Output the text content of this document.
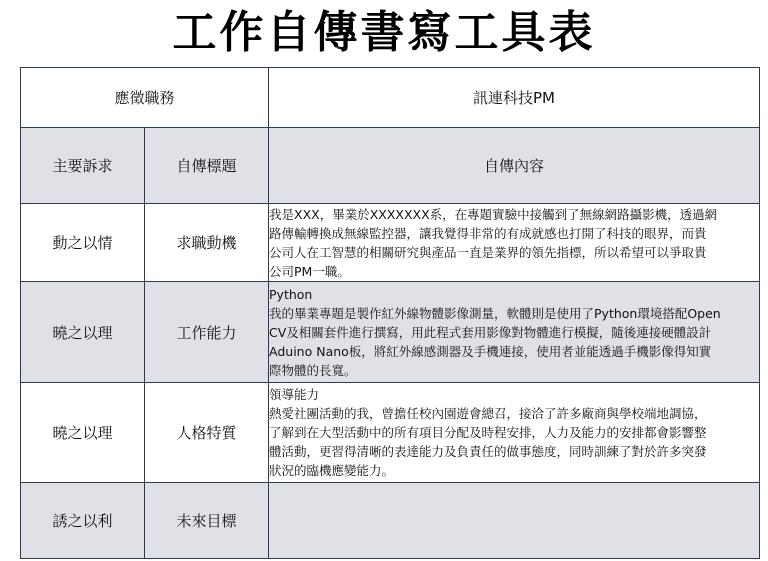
工作自傳書寫工具表
應徵職務		訊連科技PM
主要訴求	自傳標題	自傳內容
動之以情	求職動機	我是XXX，畢業於XXXXXXX系，在專題實驗中接觸到了無線網路攝影機，透過網
路傳輸轉換成無線監控器，讓我覺得非常的有成就感也打開了科技的眼界，而貴
公司人在工智慧的相關研究與產品一直是業界的領先指標，所以希望可以爭取貴
公司PM一職。

曉之以理	工作能力	Python
我的畢業專題是製作紅外線物體影像測量，軟體則是使用了Python環境搭配Open
CV及相關套件進行撰寫，用此程式套用影像對物體進行模擬，隨後連接硬體設計
Aduino Nano板，將紅外線感測器及手機連接，使用者並能透過手機影像得知實
際物體的長寬。

曉之以理	人格特質	領導能力
熱愛社團活動的我，曾擔任校內園遊會總召，接洽了許多廠商與學校端地調協，
了解到在大型活動中的所有項目分配及時程安排，人力及能力的安排都會影響整
體活動，更習得清晰的表達能力及負責任的做事態度，同時訓練了對於許多突發
狀況的臨機應變能力。

誘之以利	未來目標	
